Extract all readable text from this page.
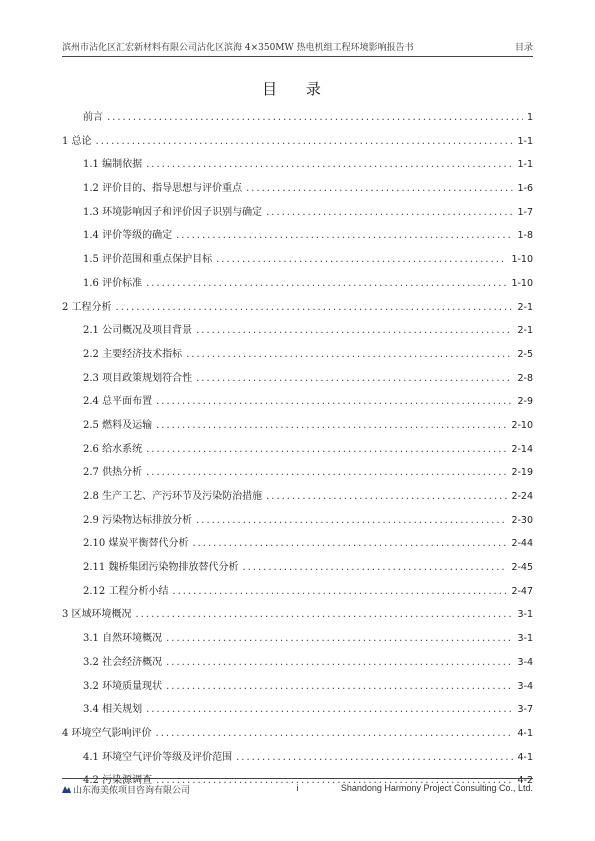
滨州市沾化区汇宏新材料有限公司沾化区滨海 4×350MW 热电机组工程环境影响报告书	目录
目 录
前言 .....	1
1 总论 .....	1-1
1.1 编制依据 .....	1-1
1.2 评价目的、指导思想与评价重点 .....	1-6
1.3 环境影响因子和评价因子识别与确定 .....	1-7
1.4 评价等级的确定 .....	1-8
1.5 评价范围和重点保护目标 .....	1-10
1.6 评价标准 .....	1-10
2 工程分析 .....	2-1
2.1 公司概况及项目背景 .....	2-1
2.2 主要经济技术指标 .....	2-5
2.3 项目政策规划符合性 .....	2-8
2.4 总平面布置 .....	2-9
2.5 燃料及运输 .....	2-10
2.6 给水系统 .....	2-14
2.7 供热分析 .....	2-19
2.8 生产工艺、产污环节及污染防治措施 .....	2-24
2.9 污染物达标排放分析 .....	2-30
2.10 煤炭平衡替代分析 .....	2-44
2.11 魏桥集团污染物排放替代分析 .....	2-45
2.12 工程分析小结 .....	2-47
3 区域环境概况 .....	3-1
3.1 自然环境概况 .....	3-1
3.2 社会经济概况 .....	3-4
3.2 环境质量现状 .....	3-4
3.4 相关规划 .....	3-7
4 环境空气影响评价 .....	4-1
4.1 环境空气评价等级及评价范围 .....	4-1
4.2 污染源调查 .....	4-2
山东海美侬项目咨询有限公司	i	Shandong Harmony Project Consulting Co., Ltd.
